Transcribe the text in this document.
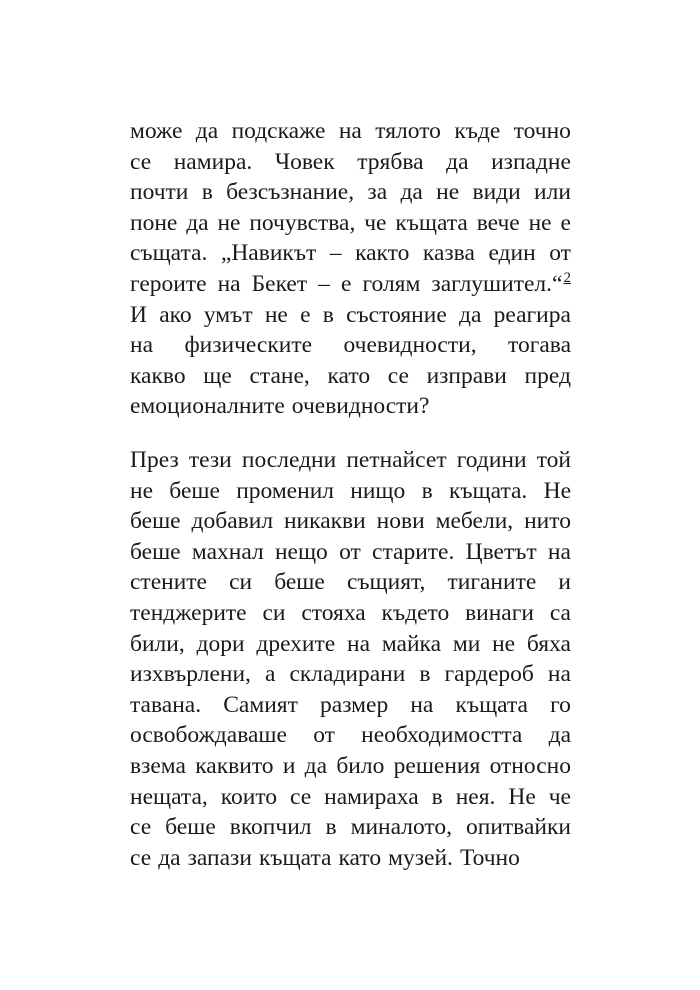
може да подскаже на тялото къде точно
се намира. Човек трябва да изпадне
почти в безсъзнание, за да не види или
поне да не почувства, че къщата вече не е
същата. „Навикът – както казва един от
героите на Бекет – е голям заглушител.“$^2$
И ако умът не е в състояние да реагира
на физическите очевидности, тогава
какво ще стане, като се изправи пред
емоционалните очевидности?
През тези последни петнайсет години той
не беше променил нищо в къщата. Не
беше добавил никакви нови мебели, нито
беше махнал нещо от старите. Цветът на
стените си беше същият, тиганите и
тенджерите си стояха където винаги са
били, дори дрехите на майка ми не бяха
изхвърлени, а складирани в гардероб на
тавана. Самият размер на къщата го
освобождаваше от необходимостта да
взема каквито и да било решения относно
нещата, които се намираха в нея. Не че
се беше вкопчил в миналото, опитвайки
се да запази къщата като музей. Точно
